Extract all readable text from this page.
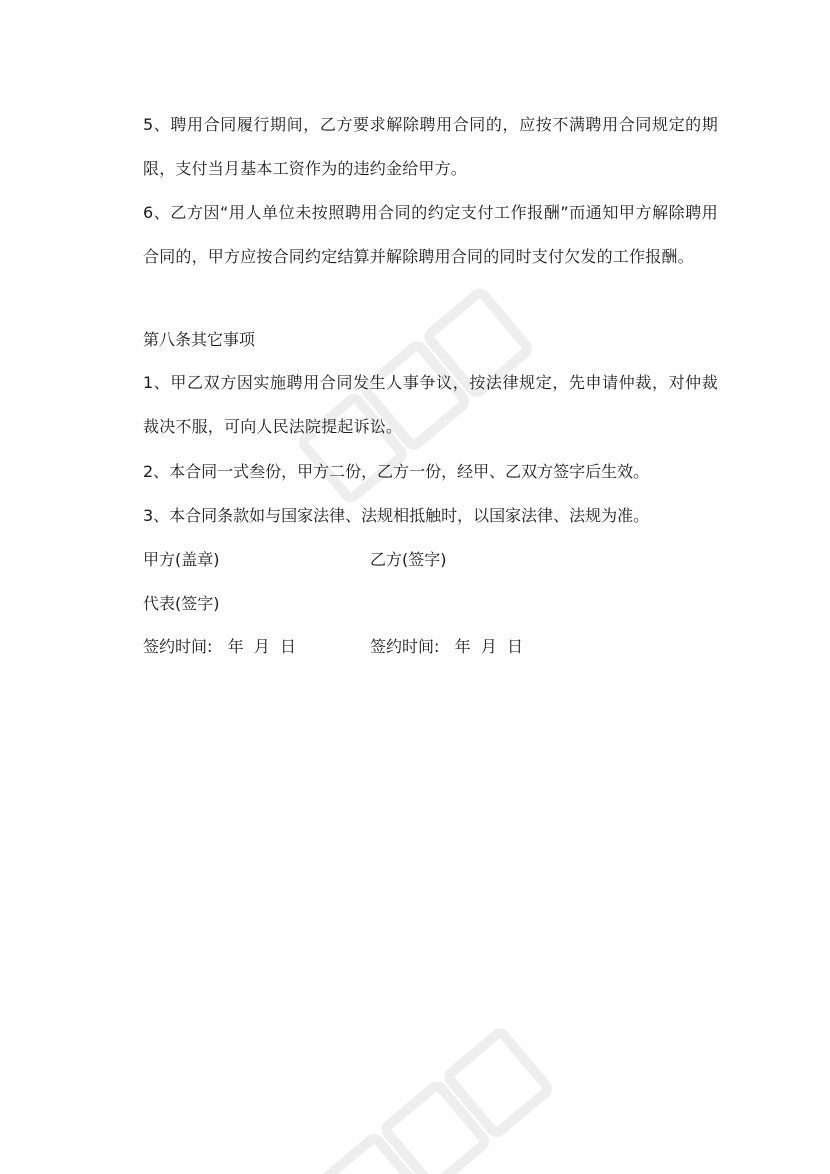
5、聘用合同履行期间，乙方要求解除聘用合同的，应按不满聘用合同规定的期限，支付当月基本工资作为的违约金给甲方。

6、乙方因“用人单位未按照聘用合同的约定支付工作报酬”而通知甲方解除聘用合同的，甲方应按合同约定结算并解除聘用合同的同时支付欠发的工作报酬。

第八条其它事项

1、甲乙双方因实施聘用合同发生人事争议，按法律规定，先申请仲裁，对仲裁裁决不服，可向人民法院提起诉讼。

2、本合同一式叁份，甲方二份，乙方一份，经甲、乙双方签字后生效。

3、本合同条款如与国家法律、法规相抵触时，以国家法律、法规为准。

甲方(盖章)	乙方(签字)
代表(签字)
签约时间:   年  月  日	签约时间:   年  月  日
